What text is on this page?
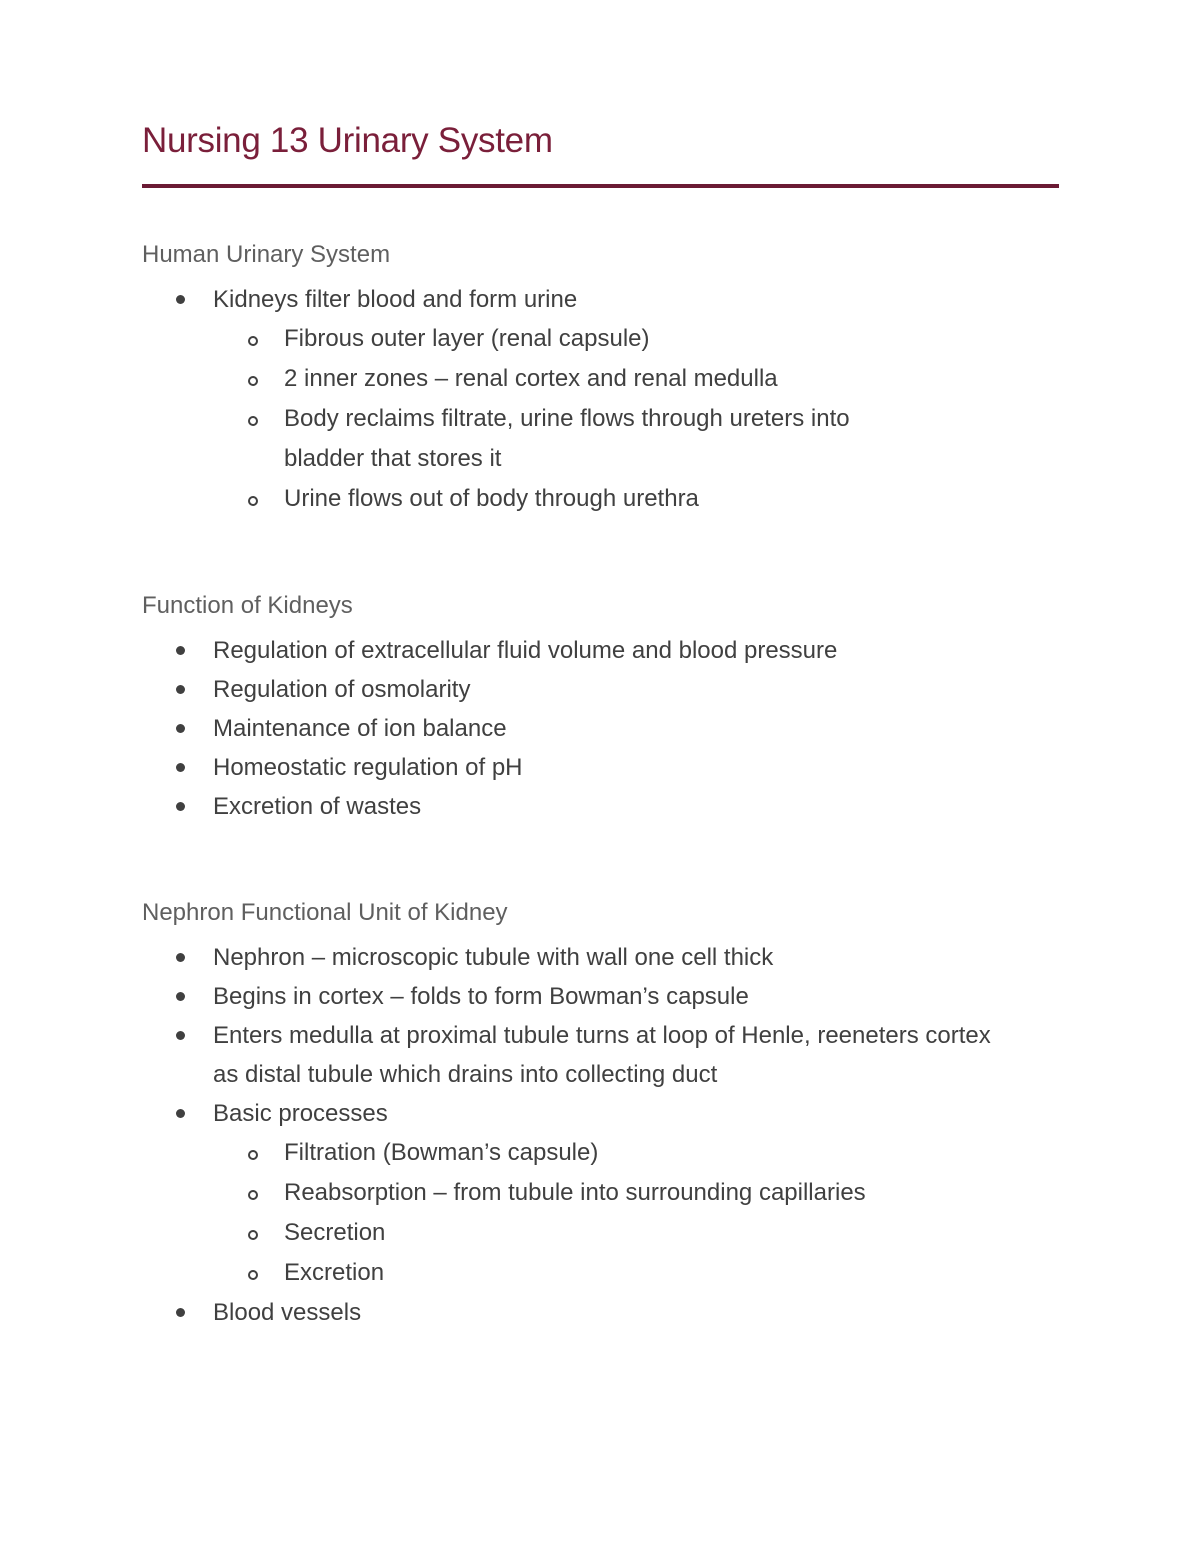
Nursing 13 Urinary System
Human Urinary System
Kidneys filter blood and form urine
Fibrous outer layer (renal capsule)
2 inner zones – renal cortex and renal medulla
Body reclaims filtrate, urine flows through ureters into bladder that stores it
Urine flows out of body through urethra
Function of Kidneys
Regulation of extracellular fluid volume and blood pressure
Regulation of osmolarity
Maintenance of ion balance
Homeostatic regulation of pH
Excretion of wastes
Nephron Functional Unit of Kidney
Nephron – microscopic tubule with wall one cell thick
Begins in cortex – folds to form Bowman’s capsule
Enters medulla at proximal tubule turns at loop of Henle, reeneters cortex as distal tubule which drains into collecting duct
Basic processes
Filtration (Bowman’s capsule)
Reabsorption – from tubule into surrounding capillaries
Secretion
Excretion
Blood vessels
